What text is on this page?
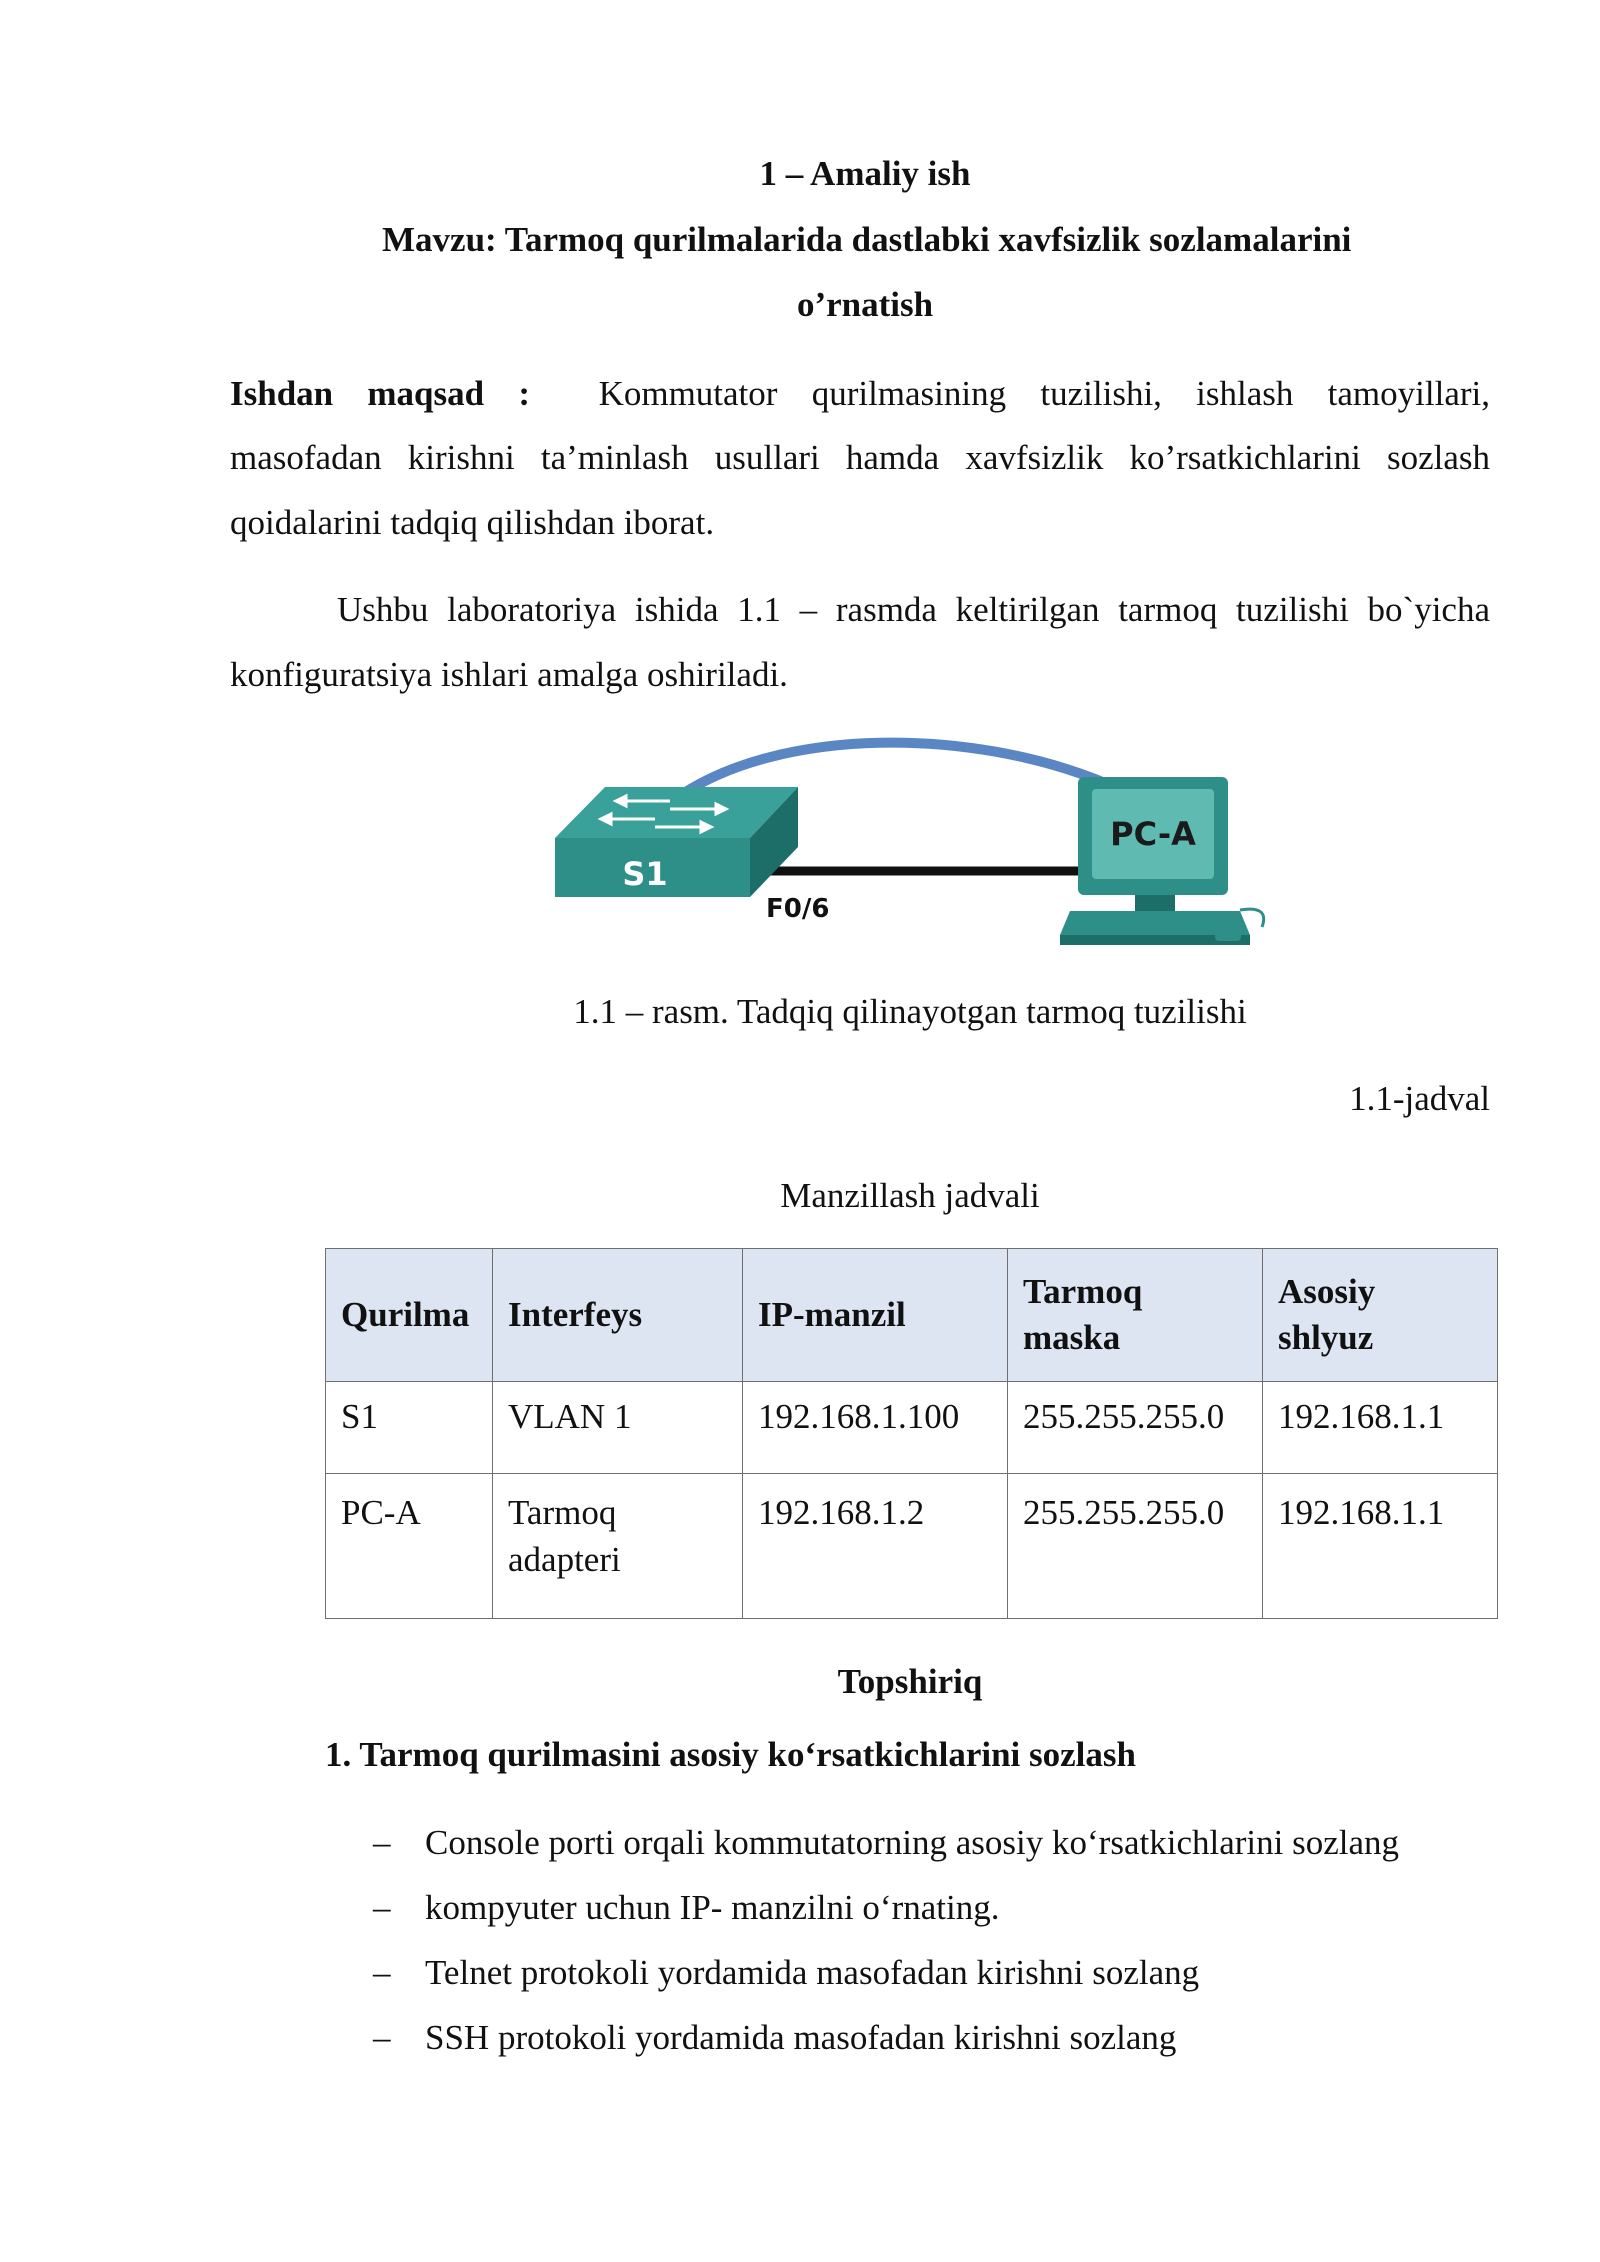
1 – Amaliy ish

Mavzu: Tarmoq qurilmalarida dastlabki xavfsizlik sozlamalarini

o’rnatish

Ishdan maqsad : Kommutator qurilmasining tuzilishi, ishlash tamoyillari,

masofadan kirishni ta’minlash usullari hamda xavfsizlik ko’rsatkichlarini sozlash

qoidalarini tadqiq qilishdan iborat.

Ushbu laboratoriya ishida 1.1 – rasmda keltirilgan tarmoq tuzilishi bo`yicha

konfiguratsiya ishlari amalga oshiriladi.

S1
F0/6
PC-A

1.1 – rasm. Tadqiq qilinayotgan tarmoq tuzilishi

1.1-jadval

Manzillash jadvali

Qurilma	Interfeys	IP-manzil	Tarmoq maska	Asosiy shlyuz
S1	VLAN 1	192.168.1.100	255.255.255.0	192.168.1.1
PC-A	Tarmoq adapteri	192.168.1.2	255.255.255.0	192.168.1.1

Topshiriq

1. Tarmoq qurilmasini asosiy ko‘rsatkichlarini sozlash

– Console porti orqali kommutatorning asosiy ko‘rsatkichlarini sozlang

– kompyuter uchun IP- manzilni o‘rnating.

– Telnet protokoli yordamida masofadan kirishni sozlang

– SSH protokoli yordamida masofadan kirishni sozlang
